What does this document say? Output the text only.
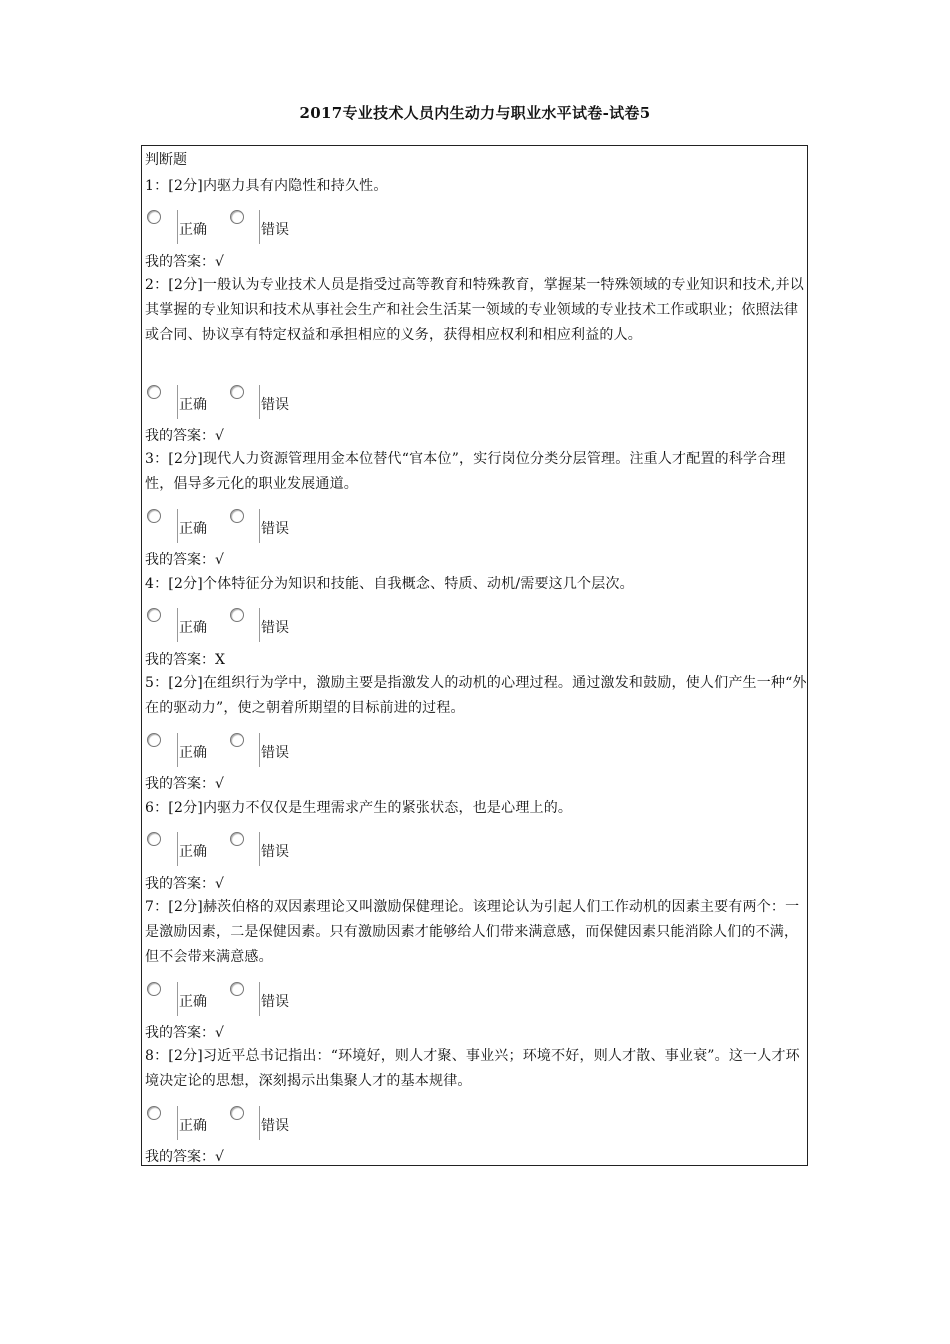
2017专业技术人员内生动力与职业水平试卷-试卷5
判断题
1：[2分]内驱力具有内隐性和持久性。
正确	错误
我的答案：√
2：[2分]一般认为专业技术人员是指受过高等教育和特殊教育，掌握某一特殊领域的专业知识和技术,并以其掌握的专业知识和技术从事社会生产和社会生活某一领域的专业领域的专业技术工作或职业；依照法律或合同、协议享有特定权益和承担相应的义务，获得相应权利和相应利益的人。
正确	错误
我的答案：√
3：[2分]现代人力资源管理用金本位替代“官本位”，实行岗位分类分层管理。注重人才配置的科学合理性，倡导多元化的职业发展通道。
正确	错误
我的答案：√
4：[2分]个体特征分为知识和技能、自我概念、特质、动机/需要这几个层次。
正确	错误
我的答案：X
5：[2分]在组织行为学中，激励主要是指激发人的动机的心理过程。通过激发和鼓励，使人们产生一种“外在的驱动力”，使之朝着所期望的目标前进的过程。
正确	错误
我的答案：√
6：[2分]内驱力不仅仅是生理需求产生的紧张状态，也是心理上的。
正确	错误
我的答案：√
7：[2分]赫茨伯格的双因素理论又叫激励保健理论。该理论认为引起人们工作动机的因素主要有两个：一是激励因素，二是保健因素。只有激励因素才能够给人们带来满意感，而保健因素只能消除人们的不满，但不会带来满意感。
正确	错误
我的答案：√
8：[2分]习近平总书记指出：“环境好，则人才聚、事业兴；环境不好，则人才散、事业衰”。这一人才环境决定论的思想，深刻揭示出集聚人才的基本规律。
正确	错误
我的答案：√
